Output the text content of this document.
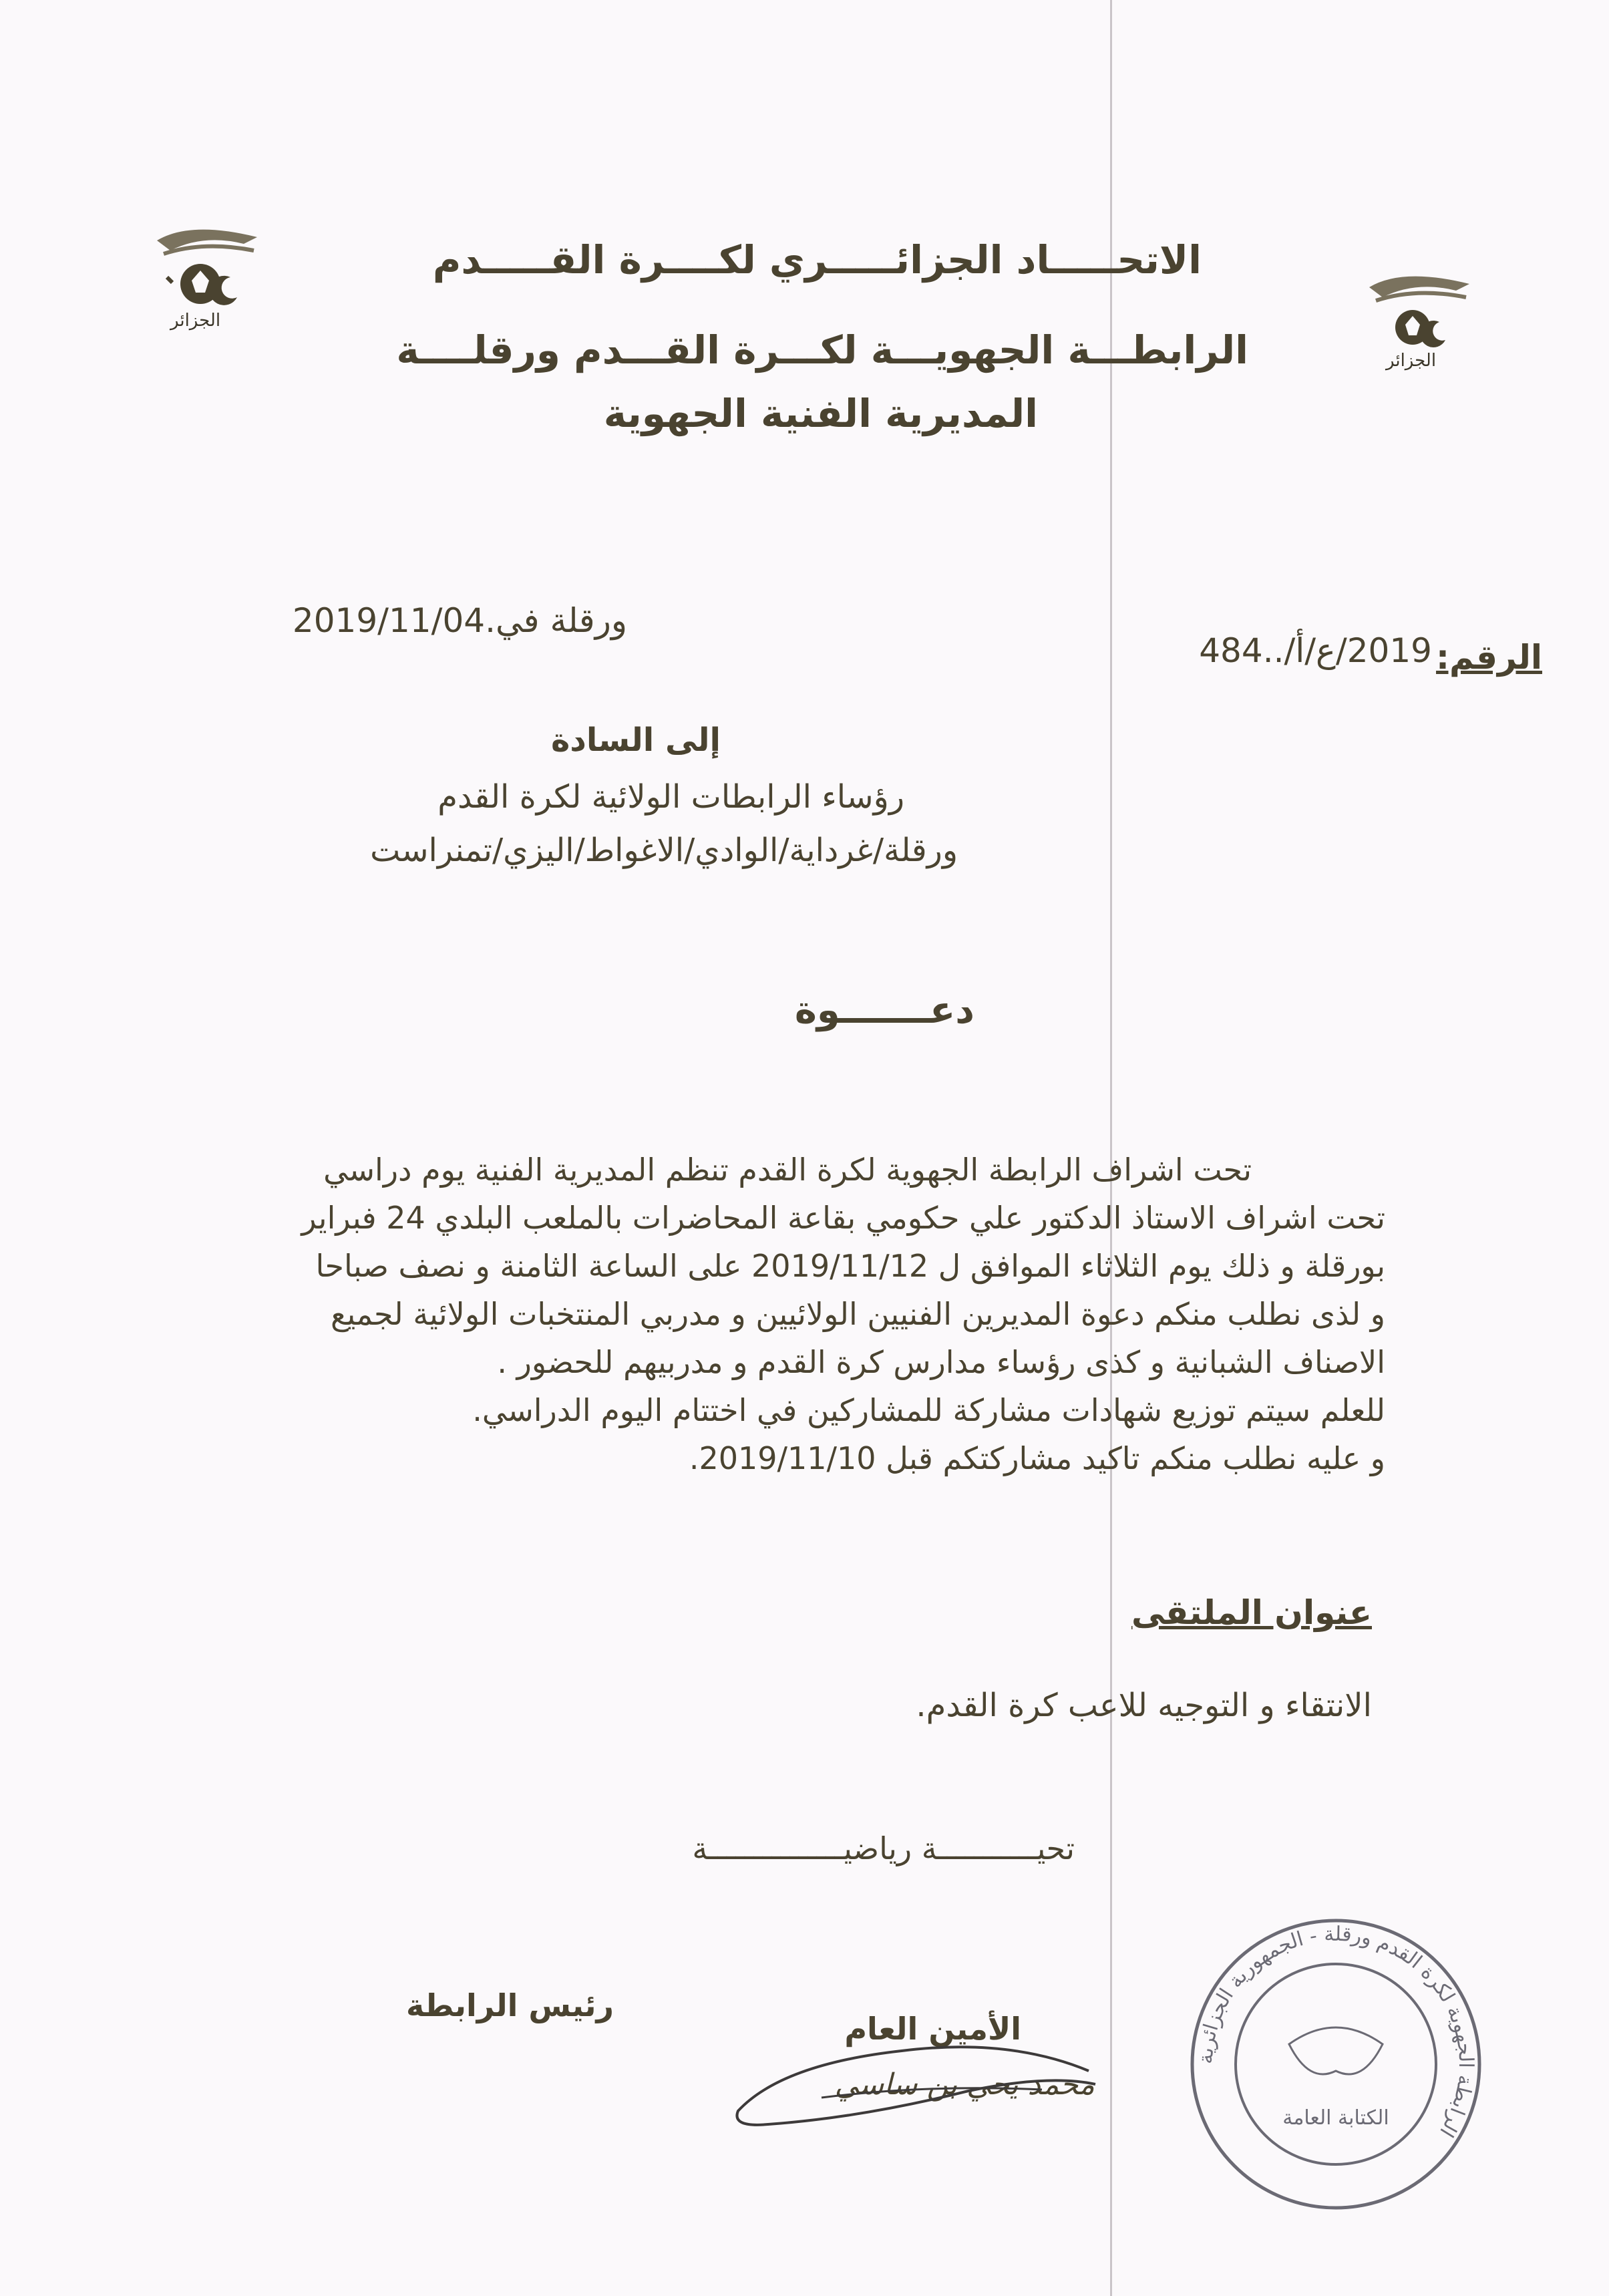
الجزائر
الجزائر
الاتحـــــاد الجزائـــــري لكــــرة القـــــدم
الرابطـــة الجهويـــة لكـــرة القـــدم ورقلــــة
المديرية الفنية الجهوية
ورقلة في.2019/11/04
الرقم:
2019/ع/أ/..484
إلى السادة
رؤساء الرابطات الولائية لكرة القدم
ورقلة/غرداية/الوادي/الاغواط/اليزي/تمنراست
دعـــــــوة
تحت اشراف الرابطة الجهوية لكرة القدم تنظم المديرية الفنية يوم دراسي
تحت اشراف الاستاذ الدكتور علي حكومي بقاعة المحاضرات بالملعب البلدي 24 فبراير
بورقلة و ذلك يوم الثلاثاء الموافق ل 2019/11/12 على الساعة الثامنة و نصف صباحا
و لذى نطلب منكم دعوة المديرين الفنيين الولائيين و مدربي المنتخبات الولائية لجميع
الاصناف الشبانية و كذى رؤساء مدارس كرة القدم و مدربيهم للحضور .
للعلم سيتم توزيع شهادات مشاركة للمشاركين في اختتام اليوم الدراسي.
و عليه نطلب منكم تاكيد مشاركتكم قبل 2019/11/10.
عنوان الملتقى
الانتقاء و التوجيه للاعب كرة القدم.
تحيـــــــــــة رياضيـــــــــــــــة
رئيس الرابطة
الأمين العام
محمد يحي بن ساسي
الرابطة الجهوية لكرة القدم ورقلة - الجمهورية الجزائرية
الكتابة العامة
